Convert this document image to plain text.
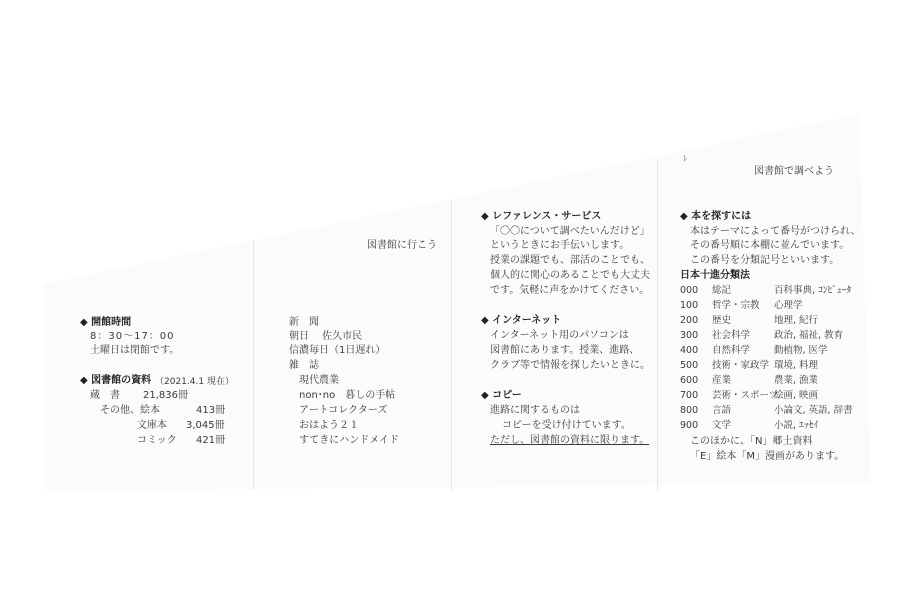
図書館に行こう
図書館で調べよう
ﾚ
◆ 開館時間
8：30～17：00
土曜日は閉館です。
◆ 図書館の資料 （2021.4.1 現在）
蔵　書 21,836冊
その他、絵本	413冊
文庫本 3,045冊
コミック 421冊
新　聞
朝日　 佐久市民
信濃毎日（1日遅れ）
雑　誌
現代農業
non･no　暮しの手帖
アートコレクターズ
おはよう２１
すてきにハンドメイド
◆ レファレンス・サービス
「〇〇について調べたいんだけど」
というときにお手伝いします。
授業の課題でも、部活のことでも、
個人的に関心のあることでも大丈夫
です。気軽に声をかけてください。
◆ インターネット
インターネット用のパソコンは
図書館にあります。授業、進路、
クラブ等で情報を探したいときに。
◆ コピー
進路に関するものは
コピーを受け付けています。
ただし、図書館の資料に限ります。
◆ 本を探すには
本はテーマによって番号がつけられ、
その番号順に本棚に並んでいます。
この番号を分類記号といいます。
日本十進分類法
000 総記	百科事典, ｺﾝﾋﾟｭｰﾀ
100 哲学・宗教 心理学
200 歴史	地理, 紀行
300 社会科学	政治, 福祉, 教育
400 自然科学	動植物, 医学
500 技術・家政学 環境, 料理
600 産業	農業, 漁業
700 芸術・スポーツ絵画, 映画
800 言語	小論文, 英語, 辞書
900 文学	小説, ｴｯｾｲ
このほかに、「N」郷土資料
「E」絵本「M」漫画があります。
